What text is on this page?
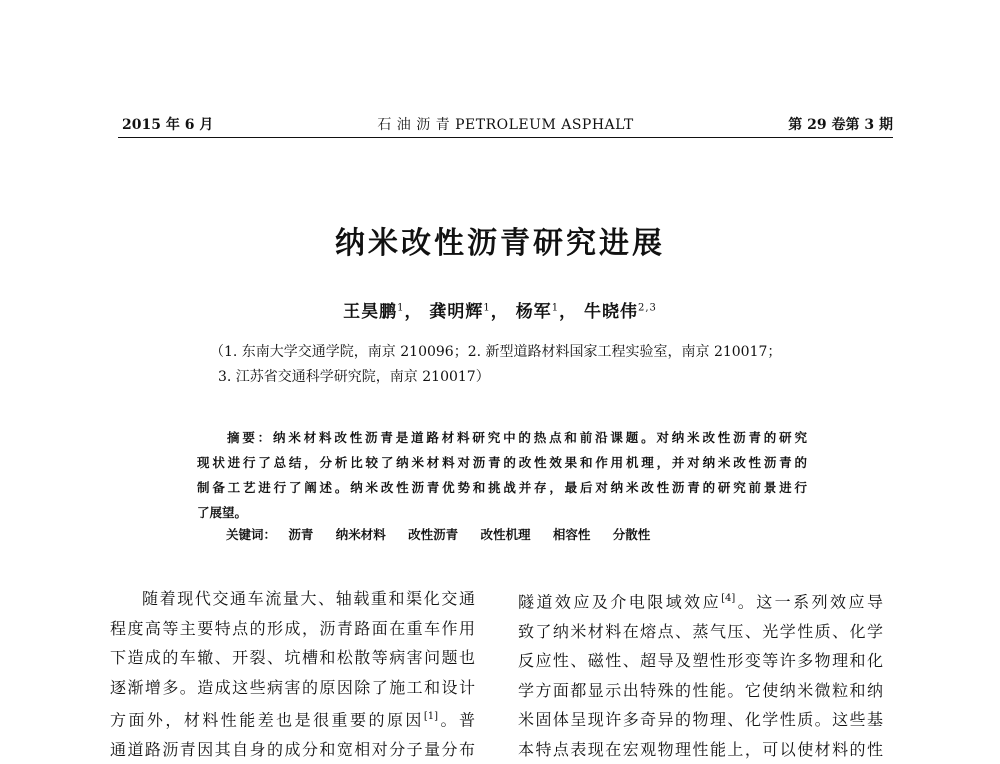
2015 年 6 月	石 油 沥 青 PETROLEUM ASPHALT	第 29 卷第 3 期
纳米改性沥青研究进展
王昊鹏$^1$， 龚明辉$^1$， 杨军$^1$， 牛晓伟$^{2,3}$
（1. 东南大学交通学院，南京 210096；2. 新型道路材料国家工程实验室，南京 210017；
3. 江苏省交通科学研究院，南京 210017）
摘要：纳米材料改性沥青是道路材料研究中的热点和前沿课题。对纳米改性沥青的研究
现状进行了总结，分析比较了纳米材料对沥青的改性效果和作用机理，并对纳米改性沥青的
制备工艺进行了阐述。纳米改性沥青优势和挑战并存，最后对纳米改性沥青的研究前景进行
了展望。
关键词： 沥青 纳米材料 改性沥青 改性机理 相容性 分散性
随着现代交通车流量大、轴载重和渠化交通
程度高等主要特点的形成，沥青路面在重车作用
下造成的车辙、开裂、坑槽和松散等病害问题也
逐渐增多。造成这些病害的原因除了施工和设计
方面外，材料性能差也是很重要的原因[1]。普
通道路沥青因其自身的成分和宽相对分子量分布
隧道效应及介电限域效应[4]。这一系列效应导
致了纳米材料在熔点、蒸气压、光学性质、化学
反应性、磁性、超导及塑性形变等许多物理和化
学方面都显示出特殊的性能。它使纳米微粒和纳
米固体呈现许多奇异的物理、化学性质。这些基
本特点表现在宏观物理性能上，可以使材料的性
